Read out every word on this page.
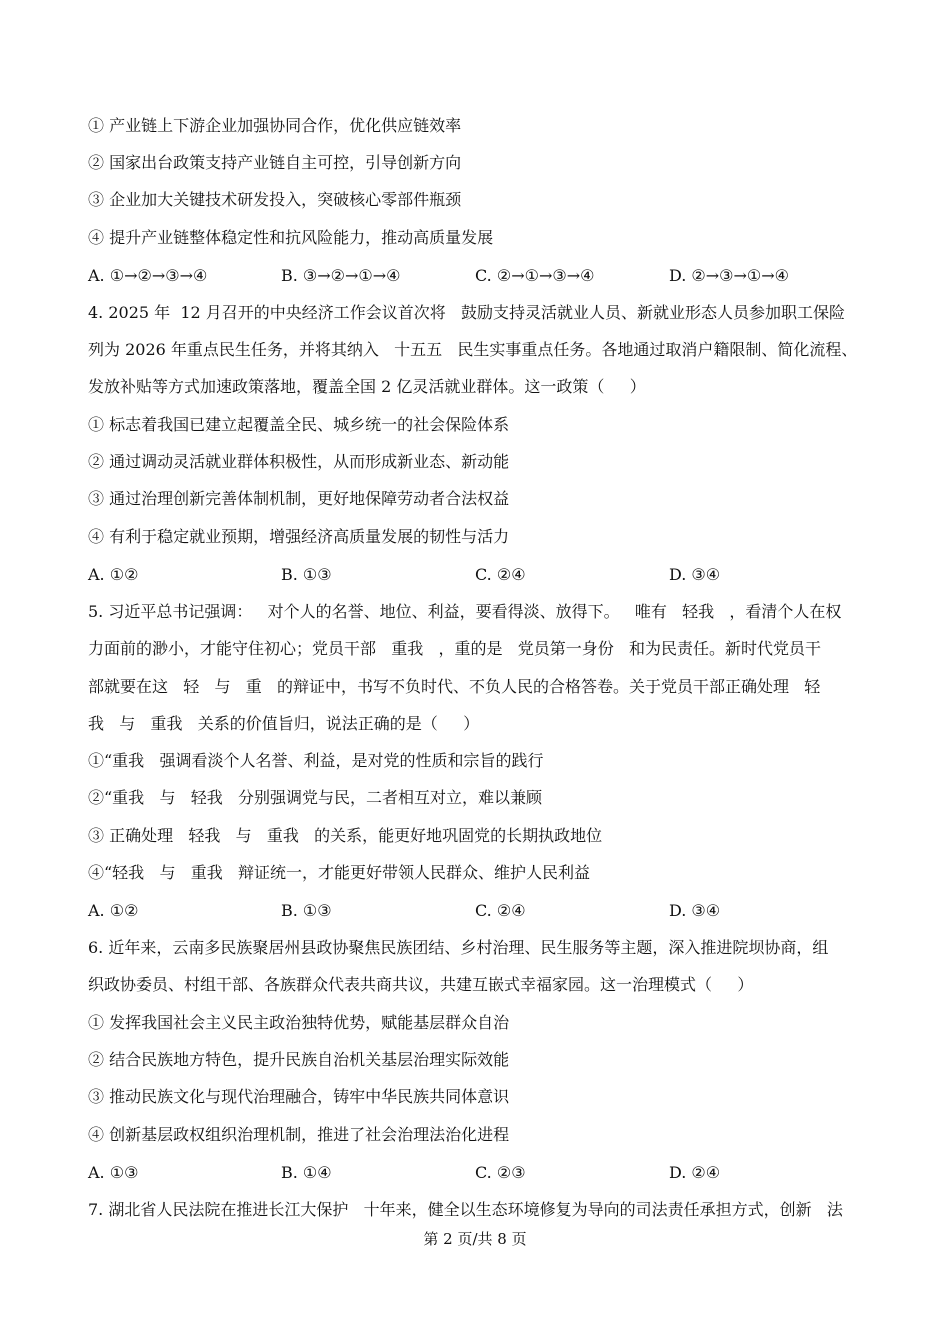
① 产业链上下游企业加强协同合作，优化供应链效率
② 国家出台政策支持产业链自主可控，引导创新方向
③ 企业加大关键技术研发投入，突破核心零部件瓶颈
④ 提升产业链整体稳定性和抗风险能力，推动高质量发展
A. ①→②→③→④	B. ③→②→①→④	C. ②→①→③→④	D. ②→③→①→④
4. 2025 年  12 月召开的中央经济工作会议首次将   鼓励支持灵活就业人员、新就业形态人员参加职工保险
列为 2026 年重点民生任务，并将其纳入   十五五   民生实事重点任务。各地通过取消户籍限制、简化流程、
发放补贴等方式加速政策落地，覆盖全国 2 亿灵活就业群体。这一政策（     ）
① 标志着我国已建立起覆盖全民、城乡统一的社会保险体系
② 通过调动灵活就业群体积极性，从而形成新业态、新动能
③ 通过治理创新完善体制机制，更好地保障劳动者合法权益
④ 有利于稳定就业预期，增强经济高质量发展的韧性与活力
A. ①②	B. ①③	C. ②④	D. ③④
5. 习近平总书记强调：   对个人的名誉、地位、利益，要看得淡、放得下。   唯有   轻我   ，看清个人在权
力面前的渺小，才能守住初心；党员干部   重我   ，重的是   党员第一身份   和为民责任。新时代党员干
部就要在这   轻   与   重   的辩证中，书写不负时代、不负人民的合格答卷。关于党员干部正确处理   轻
我   与   重我   关系的价值旨归，说法正确的是（     ）
①“重我   强调看淡个人名誉、利益，是对党的性质和宗旨的践行
②“重我   与   轻我   分别强调党与民，二者相互对立，难以兼顾
③ 正确处理   轻我   与   重我   的关系，能更好地巩固党的长期执政地位
④“轻我   与   重我   辩证统一，才能更好带领人民群众、维护人民利益
A. ①②	B. ①③	C. ②④	D. ③④
6. 近年来，云南多民族聚居州县政协聚焦民族团结、乡村治理、民生服务等主题，深入推进院坝协商，组
织政协委员、村组干部、各族群众代表共商共议，共建互嵌式幸福家园。这一治理模式（     ）
① 发挥我国社会主义民主政治独特优势，赋能基层群众自治
② 结合民族地方特色，提升民族自治机关基层治理实际效能
③ 推动民族文化与现代治理融合，铸牢中华民族共同体意识
④ 创新基层政权组织治理机制，推进了社会治理法治化进程
A. ①③	B. ①④	C. ②③	D. ②④
7. 湖北省人民法院在推进长江大保护   十年来，健全以生态环境修复为导向的司法责任承担方式，创新   法
第 2 页/共 8 页
